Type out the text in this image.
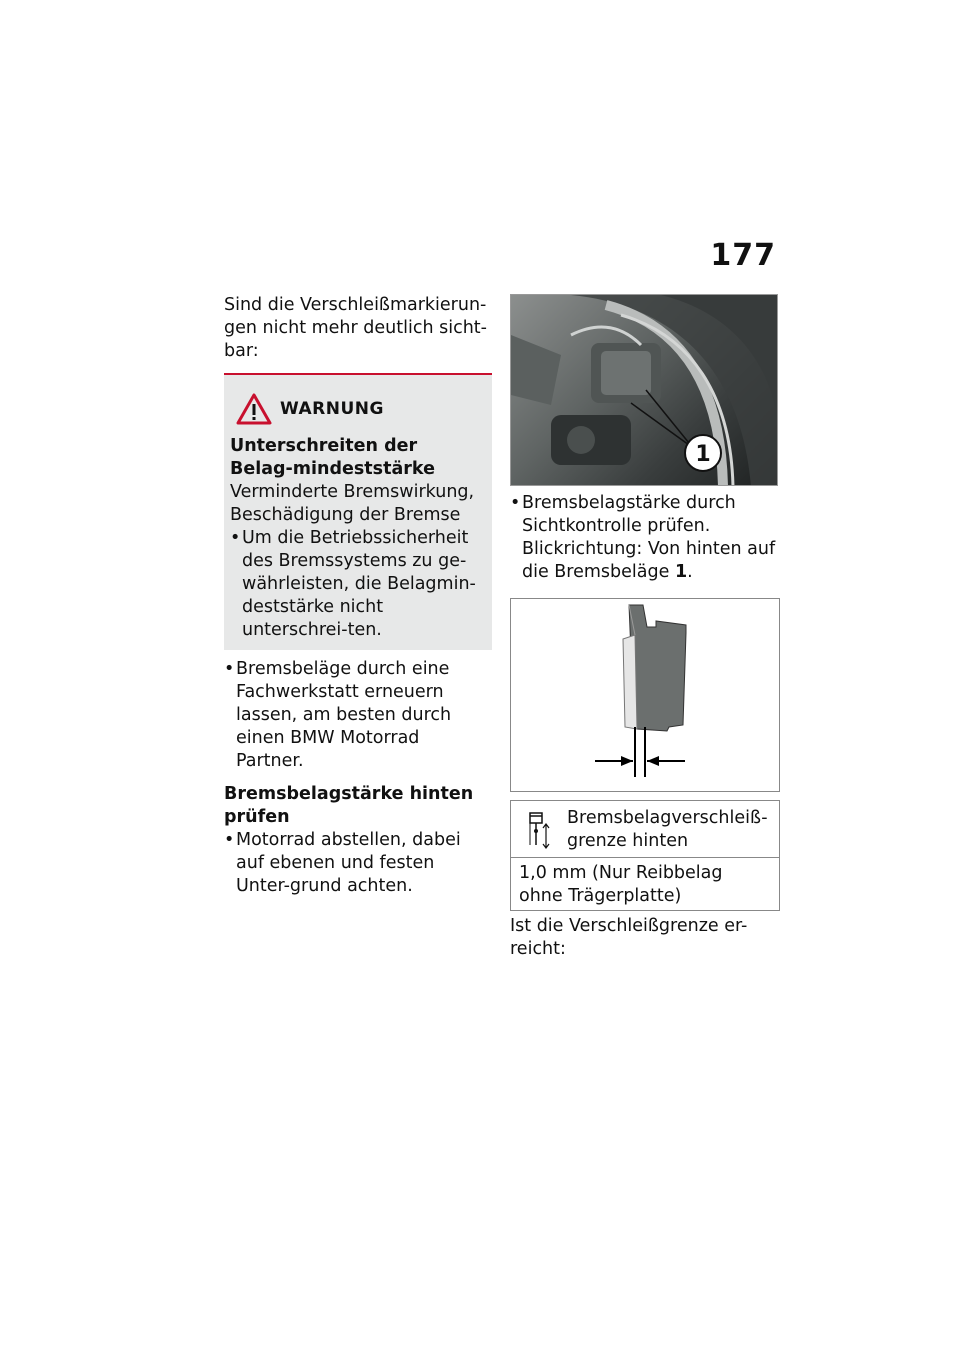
177

Sind die Verschleißmarkierun-gen nicht mehr deutlich sicht-bar:

WARNUNG

Unterschreiten der Belag-mindeststärke

Verminderte Bremswirkung, Beschädigung der Bremse

• Um die Betriebssicherheit des Bremssystems zu ge-währleisten, die Belagmin-deststärke nicht unterschrei-ten.
• Bremsbeläge durch eine Fachwerkstatt erneuern lassen, am besten durch einen BMW Motorrad Partner.
Bremsbelagstärke hinten prüfen
• Motorrad abstellen, dabei auf ebenen und festen Unter-grund achten.
1
• Bremsbelagstärke durch Sichtkontrolle prüfen. Blickrichtung: Von hinten auf die Bremsbeläge 1.

Bremsbelagverschleiß-grenze hinten

1,0 mm (Nur Reibbelag ohne Trägerplatte)

Ist die Verschleißgrenze er-reicht:
